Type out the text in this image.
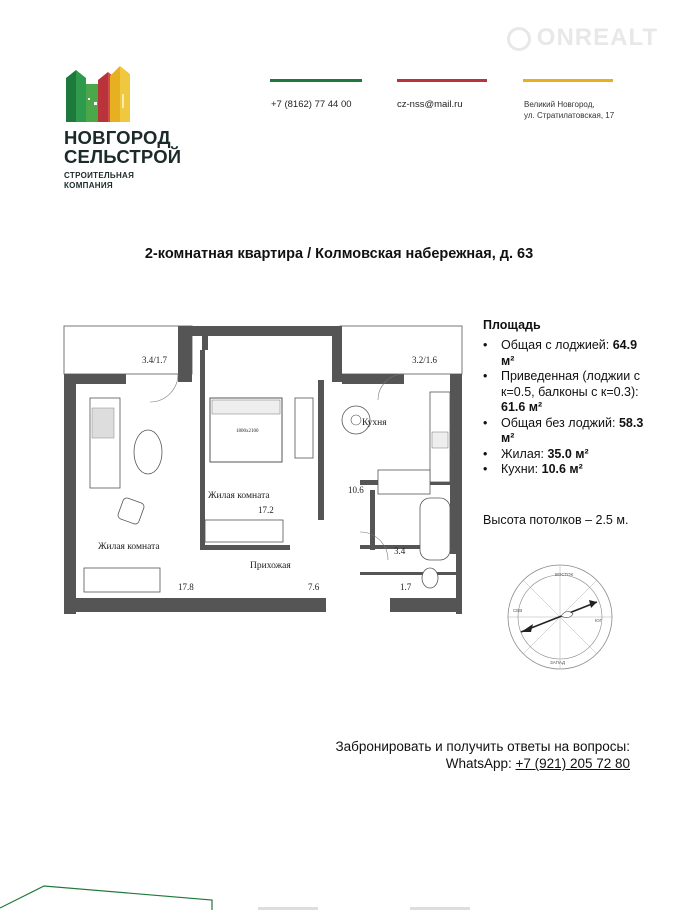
НОВГОРОД
СЕЛЬСТРОЙ
СТРОИТЕЛЬНАЯ
КОМПАНИЯ
+7 (8162) 77 44 00	cz-nss@mail.ru	Великий Новгород,
ул. Стратилатовская, 17
ONREALT
2-комнатная квартира / Колмовская набережная, д. 63
1800x2100
3.4/1.7	3.2/1.6
Жилая комната
17.2
Жилая комната
17.8
Кухня
10.6
Прихожая
7.6
3.4
1.7
Площадь
• Общая с лоджией: 64.9 м²
• Приведенная (лоджии с к=0.5, балконы с к=0.3): 61.6 м²
• Общая без лоджий: 58.3 м²
• Жилая: 35.0 м²
• Кухни: 10.6 м²
Высота потолков – 2.5 м.
ВОСТОК
СЕВ
ЮГ
ЗАПАД
Забронировать и получить ответы на вопросы:
WhatsApp: +7 (921) 205 72 80
